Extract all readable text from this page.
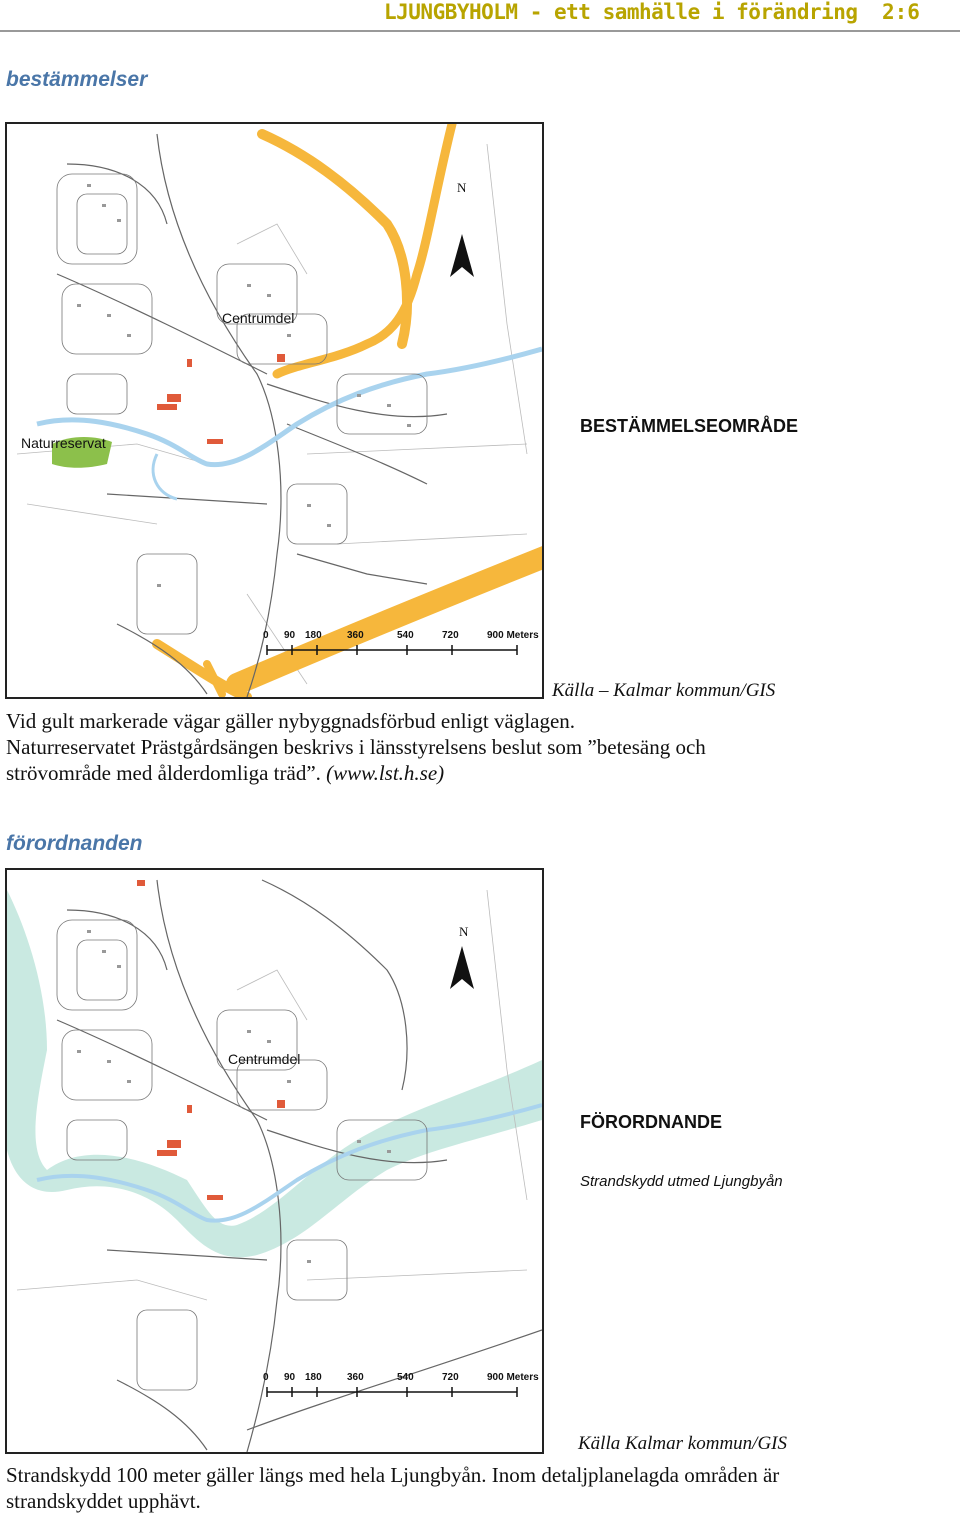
LJUNGBYHOLM - ett samhälle i förändring 2:6
bestämmelser
N
0 90 180	360	540	720	900 Meters
Centrumdel
Naturreservat
BESTÄMMELSEOMRÅDE
Källa – Kalmar kommun/GIS
Vid gult markerade vägar gäller nybyggnadsförbud enligt väglagen.
Naturreservatet Prästgårdsängen beskrivs i länsstyrelsens beslut som ”betesäng och
strövområde med ålderdomliga träd”. (www.lst.h.se)
förordnanden
N
0 90 180	360	540	720	900 Meters
Centrumdel
FÖRORDNANDE
Strandskydd utmed Ljungbyån
Källa Kalmar kommun/GIS
Strandskydd 100 meter gäller längs med hela Ljungbyån. Inom detaljplanelagda områden är
strandskyddet upphävt.
